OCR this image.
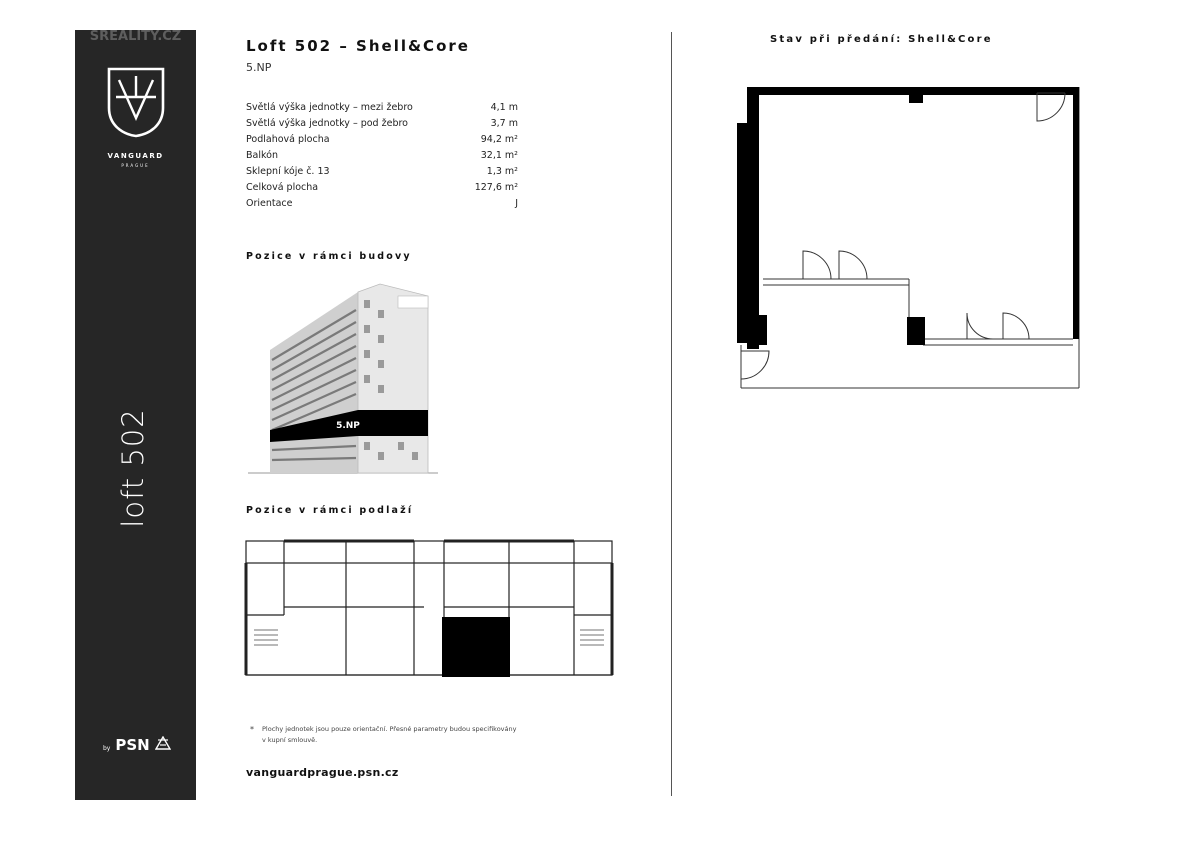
SREALITY.CZ
VANGUARD
PRAGUE
loft 502
by PSN
Loft 502 – Shell&Core
5.NP
Světlá výška jednotky – mezi žebro	4,1 m
Světlá výška jednotky – pod žebro	3,7 m
Podlahová plocha	94,2 m²
Balkón	32,1 m²
Sklepní kóje č. 13	1,3 m²
Celková plocha	127,6 m²
Orientace	J
Pozice v rámci budovy
5.NP
Pozice v rámci podlaží
* Plochy jednotek jsou pouze orientační. Přesné parametry budou specifikovány v kupní smlouvě.
vanguardprague.psn.cz
Stav při předání: Shell&Core
